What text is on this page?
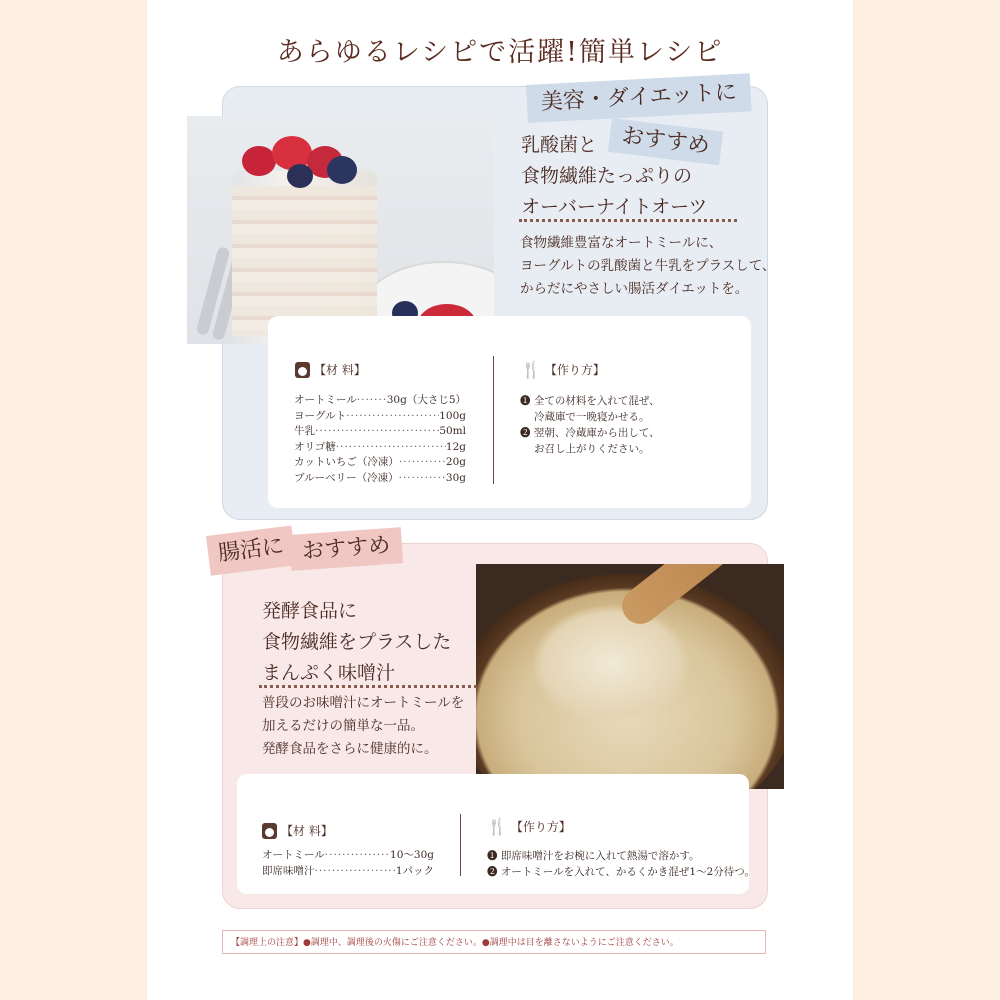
あらゆるレシピで活躍!簡単レシピ
美容・ダイエットに
おすすめ
乳酸菌と
食物繊維たっぷりの
オーバーナイトオーツ
食物繊維豊富なオートミールに、
ヨーグルトの乳酸菌と牛乳をプラスして、
からだにやさしい腸活ダイエットを。
【材 料】
オートミール ·····	30g（大さじ5）
ヨーグルト ·····	100g
牛乳 ·····	50ml
オリゴ糖 ·····	12g
カットいちご（冷凍） ·····	20g
ブルーベリー（冷凍） ·····	30g
🍴 【作り方】
❶ 全ての材料を入れて混ぜ、
冷蔵庫で一晩寝かせる。
❷ 翌朝、冷蔵庫から出して、
お召し上がりください。
腸活に おすすめ
発酵食品に
食物繊維をプラスした
まんぷく味噌汁
普段のお味噌汁にオートミールを
加えるだけの簡単な一品。
発酵食品をさらに健康的に。
【材 料】
オートミール ·····	10〜30g
即席味噌汁 ·····	1パック
🍴 【作り方】
❶ 即席味噌汁をお椀に入れて熱湯で溶かす。
❷ オートミールを入れて、かるくかき混ぜ1〜2分待つ。
【調理上の注意】●調理中、調理後の火傷にご注意ください。●調理中は目を離さないようにご注意ください。
